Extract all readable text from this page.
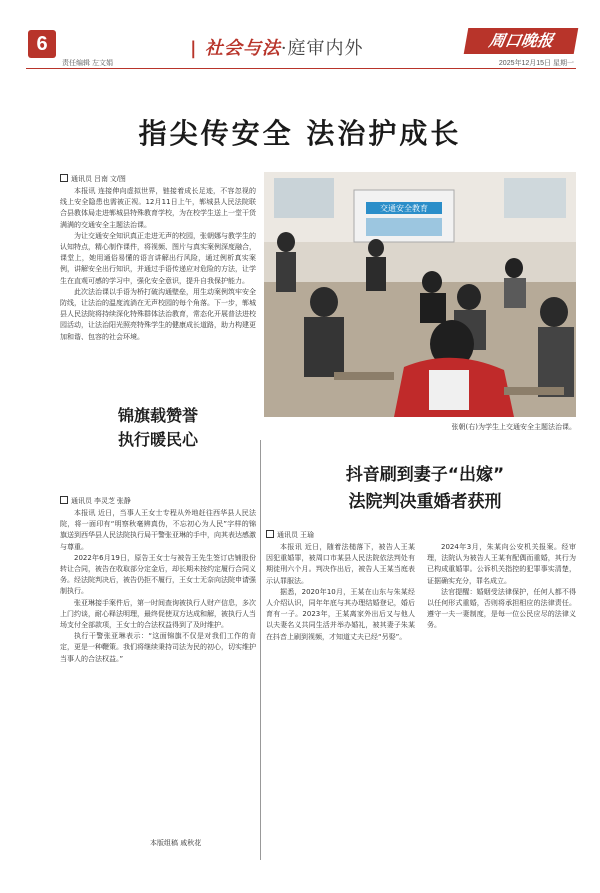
6
责任编辑 左文娟
| 社会与法·庭审内外	周口晚报
2025年12月15日 星期一
指尖传安全 法治护成长
通讯员 吕南 文/图

本报讯 连接伸向虚拟世界，链接着成长足迹，不容忽视的线上安全隐患也需被正视。12月11日上午，郸城县人民法院联合县教体局走进郸城县特殊教育学校，为在校学生送上一堂干货满满的交通安全主题法治课。

为让交通安全知识真正走进无声的校园，张朝娜与教学生的认知特点，精心制作课件，将视频、图片与真实案例深度融合，课堂上，她用通俗易懂的语言讲解出行风险，通过例析真实案例，讲解安全出行知识，并通过手语传递应对危险的方法，让学生在直观可感的学习中，强化安全意识，提升自我保护能力。

此次法治课以手语为桥打破沟通壁垒，用生动案例筑牢安全防线，让法治的温度流淌在无声校园的每个角落。下一步，郸城县人民法院将持续深化特殊群体法治教育，常态化开展普法进校园活动，让法治阳光照亮特殊学生的健康成长道路，助力构建更加和谐、包容的社会环境。

交通安全教育
张朝(右)为学生上交通安全主题法治课。
锦旗载赞誉
执行暖民心
通讯员 李灵芝 张静

本报讯 近日，当事人王女士专程从外地赶往西华县人民法院，将一面印有“明察秋毫辨真伪，不忘初心为人民”字样的锦旗送到西华县人民法院执行局干警张亚琳的手中，向其表达感激与尊重。

2022年6月19日，原告王女士与被告王先生签订店铺股份转让合同，被告在收取部分定金后，却长期未按约定履行合同义务。经法院判决后，被告仍拒不履行，王女士无奈向法院申请强制执行。

张亚琳接手案件后，第一时间查询被执行人财产信息，多次上门约谈，耐心释法明理，最终促使双方达成和解，被执行人当场支付全部款项，王女士的合法权益得到了及时维护。

执行干警张亚琳表示：“这面锦旗不仅是对我们工作的肯定，更是一种鞭策。我们将继续秉持司法为民的初心，切实维护当事人的合法权益。”

本版组稿 戚秋花
抖音刷到妻子“出嫁”
法院判决重婚者获刑
通讯员 王瑜

本报讯 近日，随着法槌落下，被告人王某因犯重婚罪，被周口市某县人民法院依法判处有期徒刑六个月。判决作出后，被告人王某当庭表示认罪服法。

据悉，2020年10月，王某在山东与朱某经人介绍认识，同年年底与其办理结婚登记，婚后育有一子。2023年，王某离家外出后又与他人以夫妻名义共同生活并举办婚礼，被其妻子朱某在抖音上刷到视频，才知道丈夫已经“另娶”。

2024年3月，朱某向公安机关报案。经审理，法院认为被告人王某有配偶而重婚，其行为已构成重婚罪。公诉机关指控的犯罪事实清楚，证据确实充分，罪名成立。

法官提醒：婚姻受法律保护，任何人都不得以任何形式重婚，否则将承担相应的法律责任。遵守一夫一妻制度，是每一位公民应尽的法律义务。
